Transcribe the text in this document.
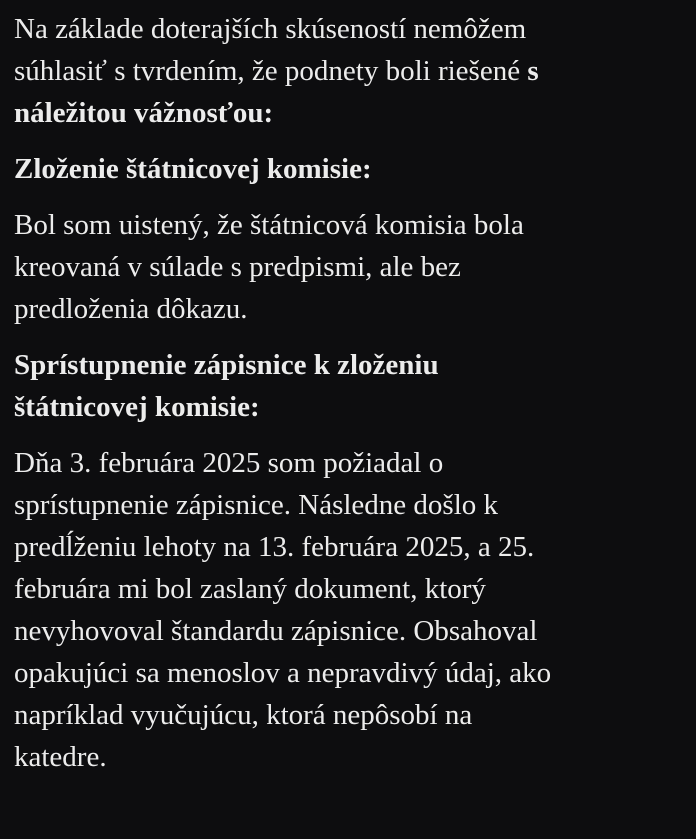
Na základe doterajších skúseností nemôžem
súhlasiť s tvrdením, že podnety boli riešené s
náležitou vážnosťou:

Zloženie štátnicovej komisie:

Bol som uistený, že štátnicová komisia bola
kreovaná v súlade s predpismi, ale bez
predloženia dôkazu.

Sprístupnenie zápisnice k zloženiu
štátnicovej komisie:

Dňa 3. februára 2025 som požiadal o
sprístupnenie zápisnice. Následne došlo k
predĺženiu lehoty na 13. februára 2025, a 25.
februára mi bol zaslaný dokument, ktorý
nevyhovoval štandardu zápisnice. Obsahoval
opakujúci sa menoslov a nepravdivý údaj, ako
napríklad vyučujúcu, ktorá nepôsobí na
katedre.
